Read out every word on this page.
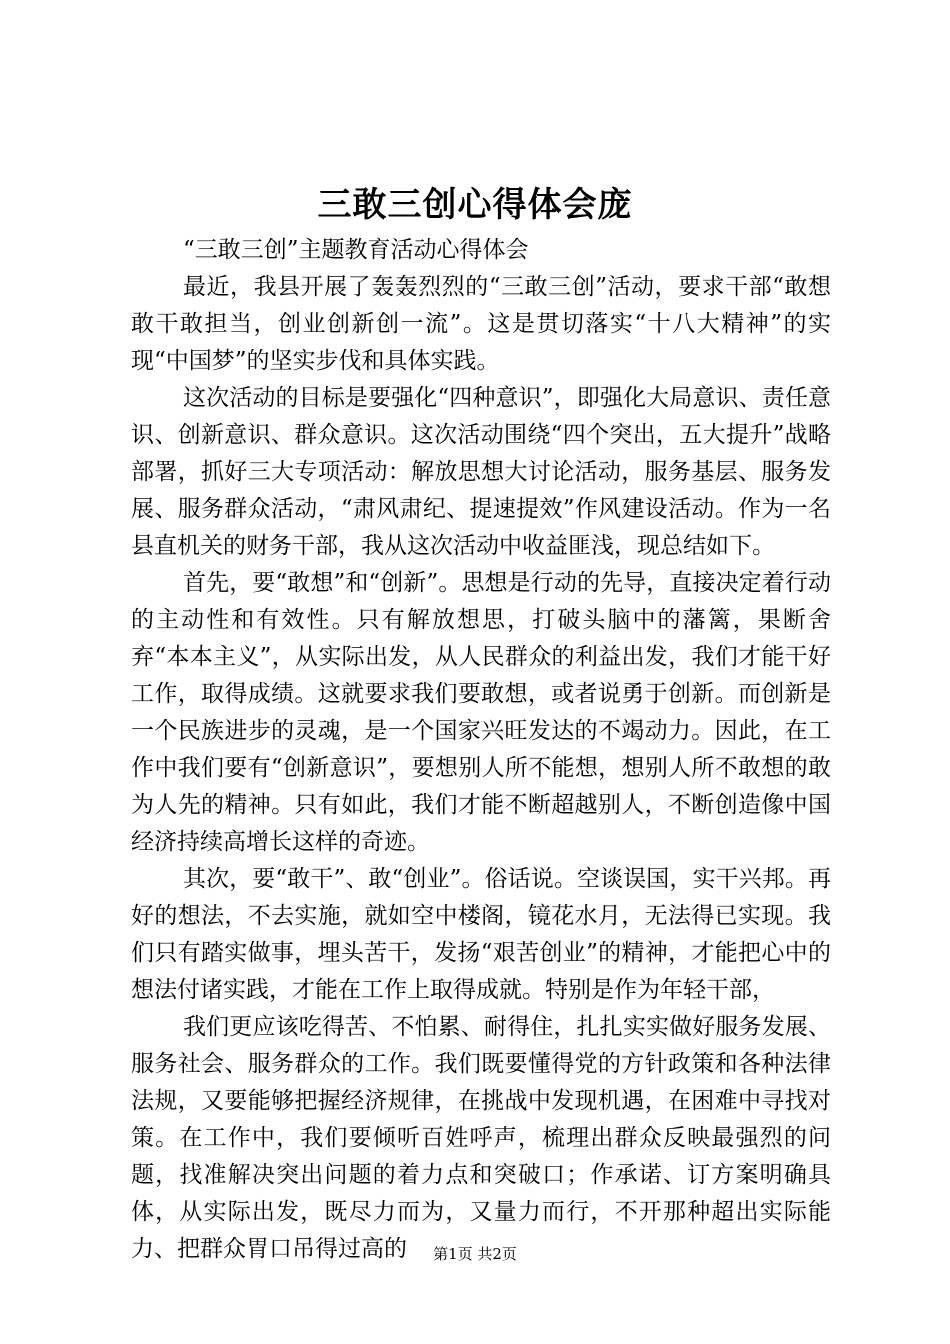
三敢三创心得体会庞

“三敢三创”主题教育活动心得体会

最近，我县开展了轰轰烈烈的“三敢三创”活动，要求干部“敢想敢干敢担当，创业创新创一流”。这是贯切落实“十八大精神”的实现“中国梦”的坚实步伐和具体实践。

这次活动的目标是要强化“四种意识”，即强化大局意识、责任意识、创新意识、群众意识。这次活动围绕“四个突出，五大提升”战略部署，抓好三大专项活动：解放思想大讨论活动，服务基层、服务发展、服务群众活动，“肃风肃纪、提速提效”作风建设活动。作为一名县直机关的财务干部，我从这次活动中收益匪浅，现总结如下。

首先，要“敢想”和“创新”。思想是行动的先导，直接决定着行动的主动性和有效性。只有解放想思，打破头脑中的藩篱，果断舍弃“本本主义”，从实际出发，从人民群众的利益出发，我们才能干好工作，取得成绩。这就要求我们要敢想，或者说勇于创新。而创新是一个民族进步的灵魂，是一个国家兴旺发达的不竭动力。因此，在工作中我们要有“创新意识”，要想别人所不能想，想别人所不敢想的敢为人先的精神。只有如此，我们才能不断超越别人，不断创造像中国经济持续高增长这样的奇迹。

其次，要“敢干”、敢“创业”。俗话说。空谈误国，实干兴邦。再好的想法，不去实施，就如空中楼阁，镜花水月，无法得已实现。我们只有踏实做事，埋头苦干，发扬“艰苦创业”的精神，才能把心中的想法付诸实践，才能在工作上取得成就。特别是作为年轻干部，

我们更应该吃得苦、不怕累、耐得住，扎扎实实做好服务发展、服务社会、服务群众的工作。我们既要懂得党的方针政策和各种法律法规，又要能够把握经济规律，在挑战中发现机遇，在困难中寻找对策。在工作中，我们要倾听百姓呼声，梳理出群众反映最强烈的问题，找准解决突出问题的着力点和突破口；作承诺、订方案明确具体，从实际出发，既尽力而为，又量力而行，不开那种超出实际能力、把群众胃口吊得过高的	第1页 共2页
